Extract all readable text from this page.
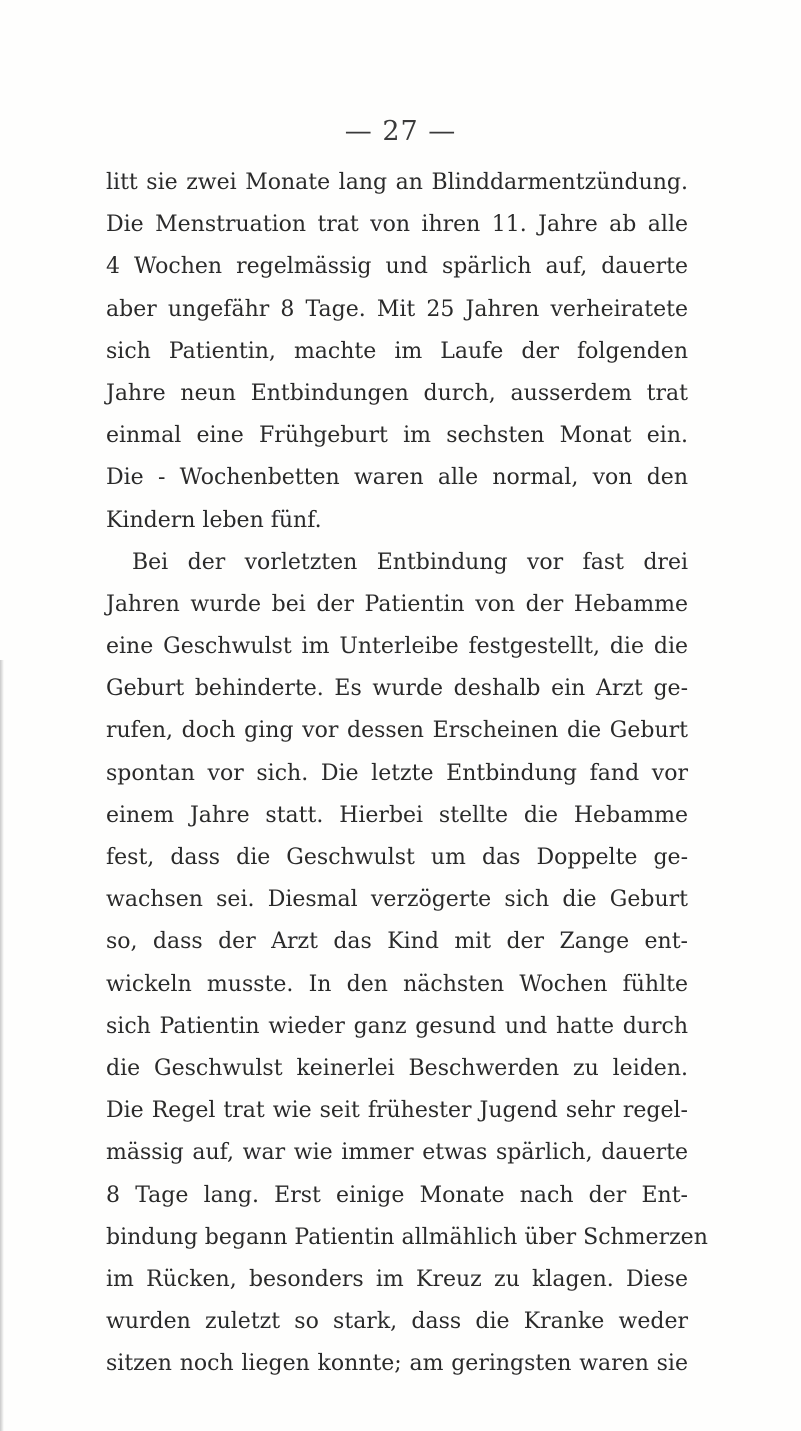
— 27 —
litt sie zwei Monate lang an Blinddarmentzündung.
Die Menstruation trat von ihren 11. Jahre ab alle
4 Wochen regelmässig und spärlich auf, dauerte
aber ungefähr 8 Tage. Mit 25 Jahren verheiratete
sich Patientin, machte im Laufe der folgenden
Jahre neun Entbindungen durch, ausserdem trat
einmal eine Frühgeburt im sechsten Monat ein.
Die - Wochenbetten waren alle normal, von den
Kindern leben fünf.
Bei der vorletzten Entbindung vor fast drei
Jahren wurde bei der Patientin von der Hebamme
eine Geschwulst im Unterleibe festgestellt, die die
Geburt behinderte. Es wurde deshalb ein Arzt ge-
rufen, doch ging vor dessen Erscheinen die Geburt
spontan vor sich. Die letzte Entbindung fand vor
einem Jahre statt. Hierbei stellte die Hebamme
fest, dass die Geschwulst um das Doppelte ge-
wachsen sei. Diesmal verzögerte sich die Geburt
so, dass der Arzt das Kind mit der Zange ent-
wickeln musste. In den nächsten Wochen fühlte
sich Patientin wieder ganz gesund und hatte durch
die Geschwulst keinerlei Beschwerden zu leiden.
Die Regel trat wie seit frühester Jugend sehr regel-
mässig auf, war wie immer etwas spärlich, dauerte
8 Tage lang. Erst einige Monate nach der Ent-
bindung begann Patientin allmählich über Schmerzen
im Rücken, besonders im Kreuz zu klagen. Diese
wurden zuletzt so stark, dass die Kranke weder
sitzen noch liegen konnte; am geringsten waren sie
